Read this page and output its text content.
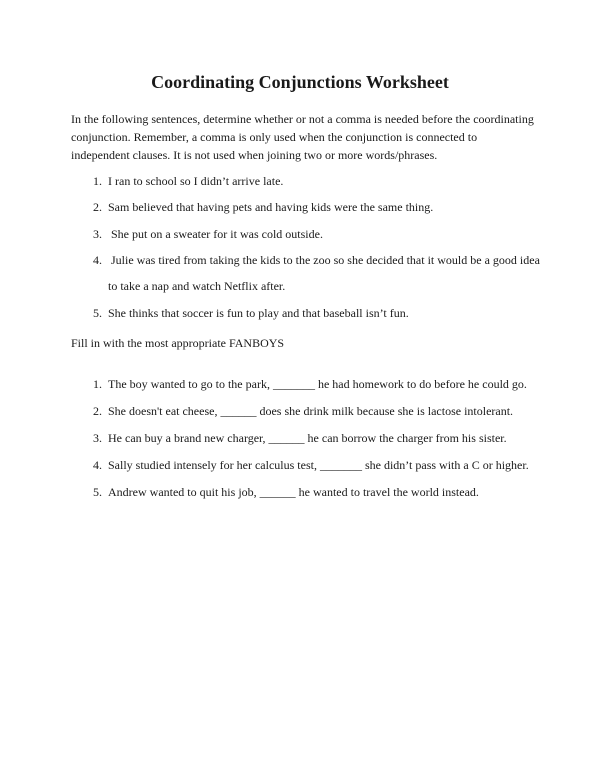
Coordinating Conjunctions Worksheet

In the following sentences, determine whether or not a comma is needed before the coordinating
conjunction. Remember, a comma is only used when the conjunction is connected to
independent clauses. It is not used when joining two or more words/phrases.

1. I ran to school so I didn’t arrive late.
2. Sam believed that having pets and having kids were the same thing.
3. She put on a sweater for it was cold outside.
4. Julie was tired from taking the kids to the zoo so she decided that it would be a good idea
to take a nap and watch Netflix after.
5. She thinks that soccer is fun to play and that baseball isn’t fun.

Fill in with the most appropriate FANBOYS

1. The boy wanted to go to the park, _______ he had homework to do before he could go.
2. She doesn't eat cheese, ______ does she drink milk because she is lactose intolerant.
3. He can buy a brand new charger, ______ he can borrow the charger from his sister.
4. Sally studied intensely for her calculus test, _______ she didn’t pass with a C or higher.
5. Andrew wanted to quit his job, ______ he wanted to travel the world instead.
